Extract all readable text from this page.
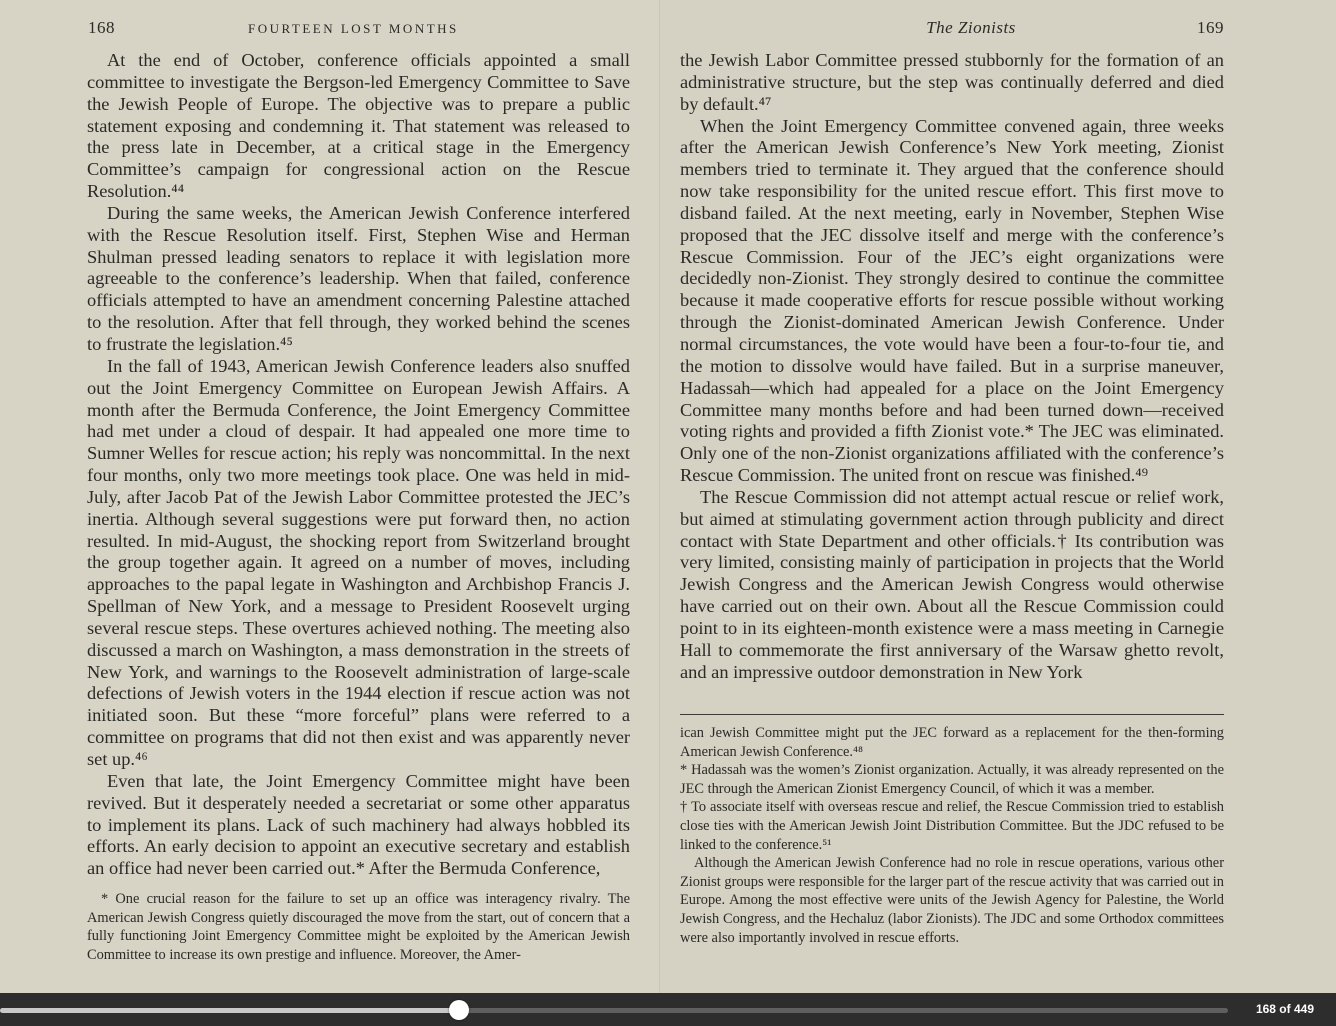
168	FOURTEEN LOST MONTHS

At the end of October, conference officials appointed a small committee to investigate the Bergson-led Emergency Committee to Save the Jewish People of Europe. The objective was to prepare a public statement exposing and condemning it. That statement was released to the press late in December, at a critical stage in the Emergency Committee’s campaign for congressional action on the Rescue Resolution.⁴⁴

During the same weeks, the American Jewish Conference interfered with the Rescue Resolution itself. First, Stephen Wise and Herman Shulman pressed leading senators to replace it with legislation more agreeable to the conference’s leadership. When that failed, conference officials attempted to have an amendment concerning Palestine attached to the resolution. After that fell through, they worked behind the scenes to frustrate the legislation.⁴⁵

In the fall of 1943, American Jewish Conference leaders also snuffed out the Joint Emergency Committee on European Jewish Affairs. A month after the Bermuda Conference, the Joint Emergency Committee had met under a cloud of despair. It had appealed one more time to Sumner Welles for rescue action; his reply was noncommittal. In the next four months, only two more meetings took place. One was held in mid-July, after Jacob Pat of the Jewish Labor Committee protested the JEC’s inertia. Although several suggestions were put forward then, no action resulted. In mid-August, the shocking report from Switzerland brought the group together again. It agreed on a number of moves, including approaches to the papal legate in Washington and Archbishop Francis J. Spellman of New York, and a message to President Roosevelt urging several rescue steps. These overtures achieved nothing. The meeting also discussed a march on Washington, a mass demonstration in the streets of New York, and warnings to the Roosevelt administration of large-scale defections of Jewish voters in the 1944 election if rescue action was not initiated soon. But these “more forceful” plans were referred to a committee on programs that did not then exist and was apparently never set up.⁴⁶

Even that late, the Joint Emergency Committee might have been revived. But it desperately needed a secretariat or some other apparatus to implement its plans. Lack of such machinery had always hobbled its efforts. An early decision to appoint an executive secretary and establish an office had never been carried out.* After the Bermuda Conference,

* One crucial reason for the failure to set up an office was interagency rivalry. The American Jewish Congress quietly discouraged the move from the start, out of concern that a fully functioning Joint Emergency Committee might be exploited by the American Jewish Committee to increase its own prestige and influence. Moreover, the Amer-

The Zionists	169

the Jewish Labor Committee pressed stubbornly for the formation of an administrative structure, but the step was continually deferred and died by default.⁴⁷

When the Joint Emergency Committee convened again, three weeks after the American Jewish Conference’s New York meeting, Zionist members tried to terminate it. They argued that the conference should now take responsibility for the united rescue effort. This first move to disband failed. At the next meeting, early in November, Stephen Wise proposed that the JEC dissolve itself and merge with the conference’s Rescue Commission. Four of the JEC’s eight organizations were decidedly non-Zionist. They strongly desired to continue the committee because it made cooperative efforts for rescue possible without working through the Zionist-dominated American Jewish Conference. Under normal circumstances, the vote would have been a four-to-four tie, and the motion to dissolve would have failed. But in a surprise maneuver, Hadassah—which had appealed for a place on the Joint Emergency Committee many months before and had been turned down—received voting rights and provided a fifth Zionist vote.* The JEC was eliminated. Only one of the non-Zionist organizations affiliated with the conference’s Rescue Commission. The united front on rescue was finished.⁴⁹

The Rescue Commission did not attempt actual rescue or relief work, but aimed at stimulating government action through publicity and direct contact with State Department and other officials.† Its contribution was very limited, consisting mainly of participation in projects that the World Jewish Congress and the American Jewish Congress would otherwise have carried out on their own. About all the Rescue Commission could point to in its eighteen-month existence were a mass meeting in Carnegie Hall to commemorate the first anniversary of the Warsaw ghetto revolt, and an impressive outdoor demonstration in New York

ican Jewish Committee might put the JEC forward as a replacement for the then-forming American Jewish Conference.⁴⁸

* Hadassah was the women’s Zionist organization. Actually, it was already represented on the JEC through the American Zionist Emergency Council, of which it was a member.

† To associate itself with overseas rescue and relief, the Rescue Commission tried to establish close ties with the American Jewish Joint Distribution Committee. But the JDC refused to be linked to the conference.⁵¹

Although the American Jewish Conference had no role in rescue operations, various other Zionist groups were responsible for the larger part of the rescue activity that was carried out in Europe. Among the most effective were units of the Jewish Agency for Palestine, the World Jewish Congress, and the Hechaluz (labor Zionists). The JDC and some Orthodox committees were also importantly involved in rescue efforts.

168 of 449
